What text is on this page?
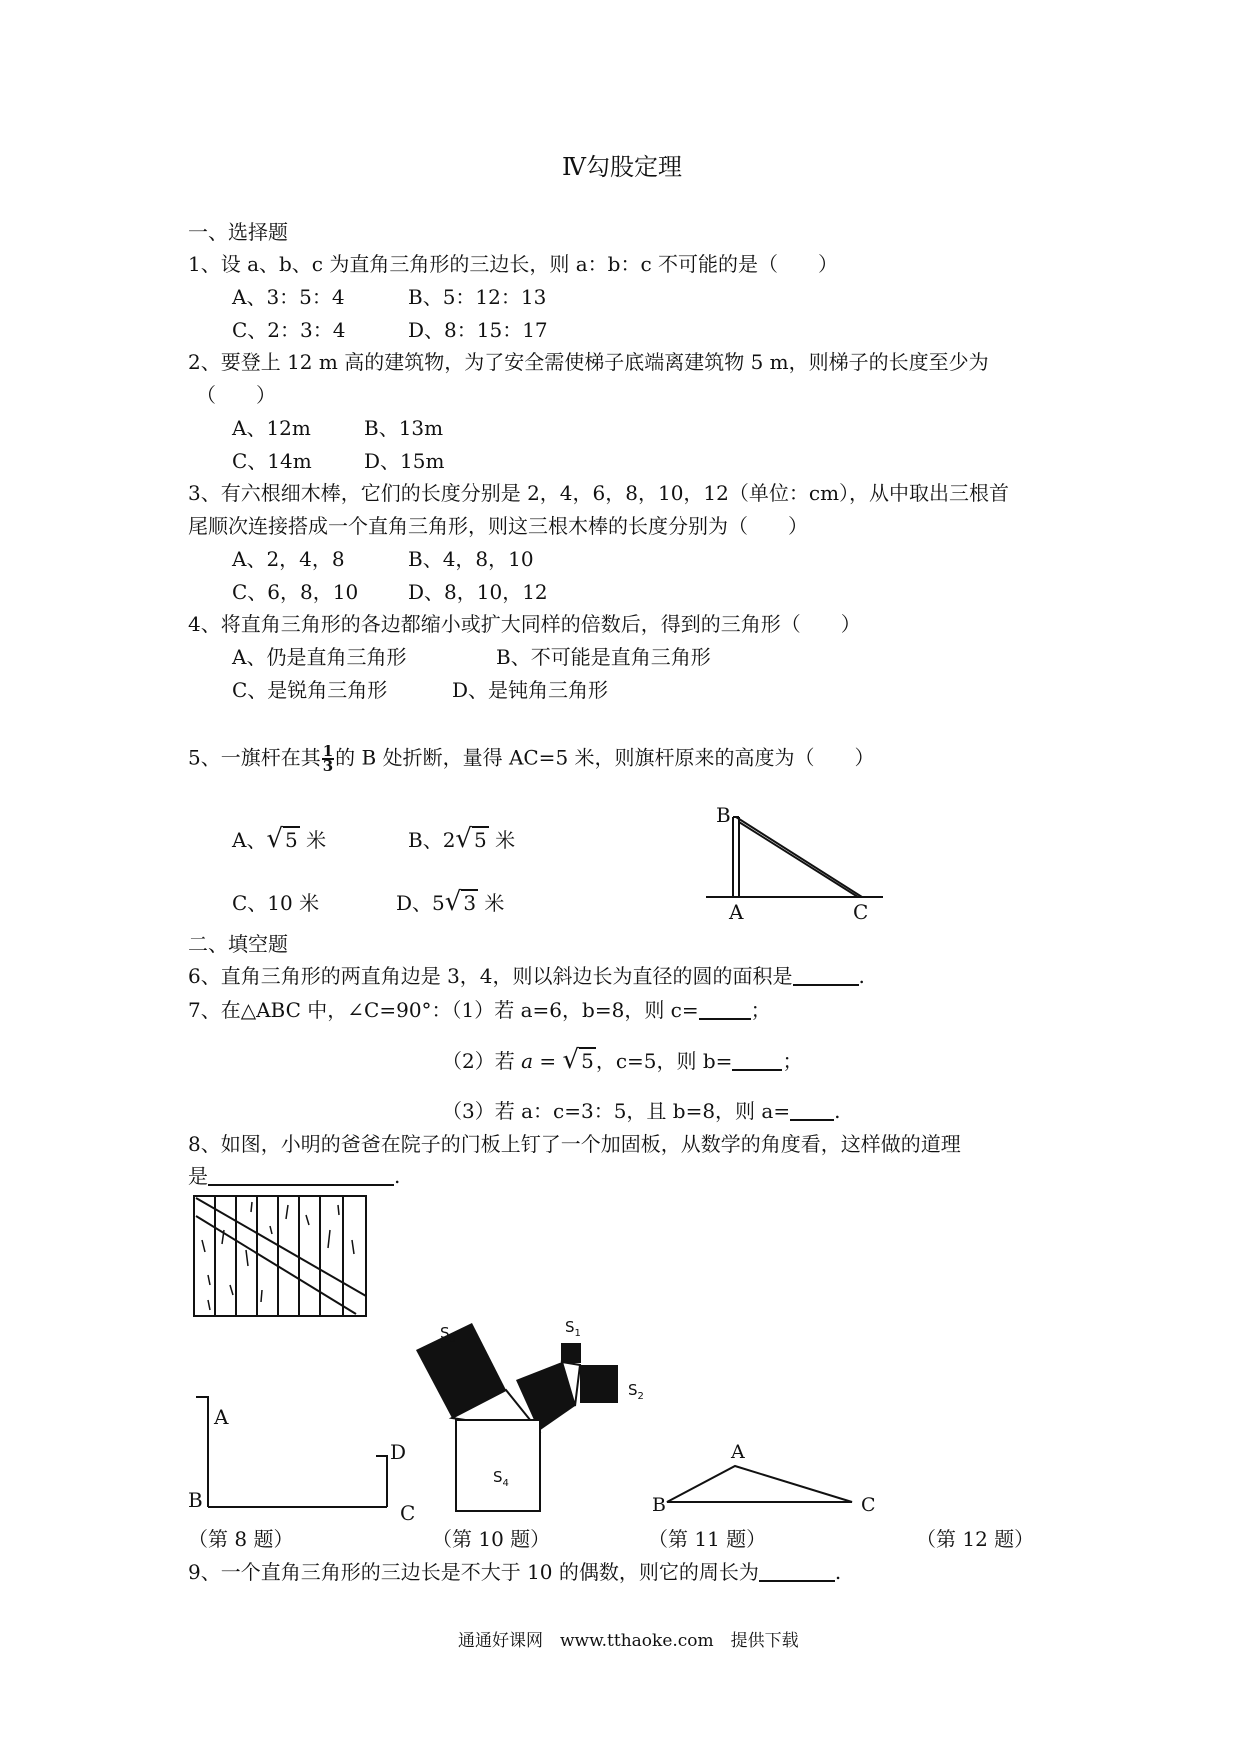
Ⅳ勾股定理
一、选择题
1、设 a、b、c 为直角三角形的三边长，则 a：b：c 不可能的是（　　）
A、3：5：4	B、5：12：13
C、2：3：4	D、8：15：17
2、要登上 12 m 高的建筑物，为了安全需使梯子底端离建筑物 5 m，则梯子的长度至少为
（　　）
A、12m	B、13m
C、14m	D、15m
3、有六根细木棒，它们的长度分别是 2，4，6，8，10，12（单位：cm），从中取出三根首
尾顺次连接搭成一个直角三角形，则这三根木棒的长度分别为（　　）
A、2，4，8	B、4，8，10
C、6，8，10 D、8，10，12
4、将直角三角形的各边都缩小或扩大同样的倍数后，得到的三角形（　　）
A、仍是直角三角形	B、不可能是直角三角形
C、是锐角三角形	D、是钝角三角形
5、一旗杆在其 $\frac{1}{3}$ 的 B 处折断，量得 AC=5 米，则旗杆原来的高度为（　　）
A、√ 5 米	B、2√ 5 米
C、10 米	D、5√ 3 米
B
A	C
二、填空题
6、直角三角形的两直角边是 3，4，则以斜边长为直径的圆的面积是	.
7、在△ABC 中，∠C=90°：（1）若 a=6，b=8，则 c=	；
（2）若 a = √ 5 ，c=5，则 b=	；
（3）若 a：c=3：5，且 b=8，则 a= .
8、如图，小明的爸爸在院子的门板上钉了一个加固板，从数学的角度看，这样做的道理
是	.
A
B
C
D
$S_3$
$S_1$
$S_2$
$S_4$
A
B	C
（第 8 题）	（第 10 题）	（第 11 题）	（第 12 题）
9、一个直角三角形的三边长是不大于 10 的偶数，则它的周长为	.
通通好课网　www.tthaoke.com　提供下载
